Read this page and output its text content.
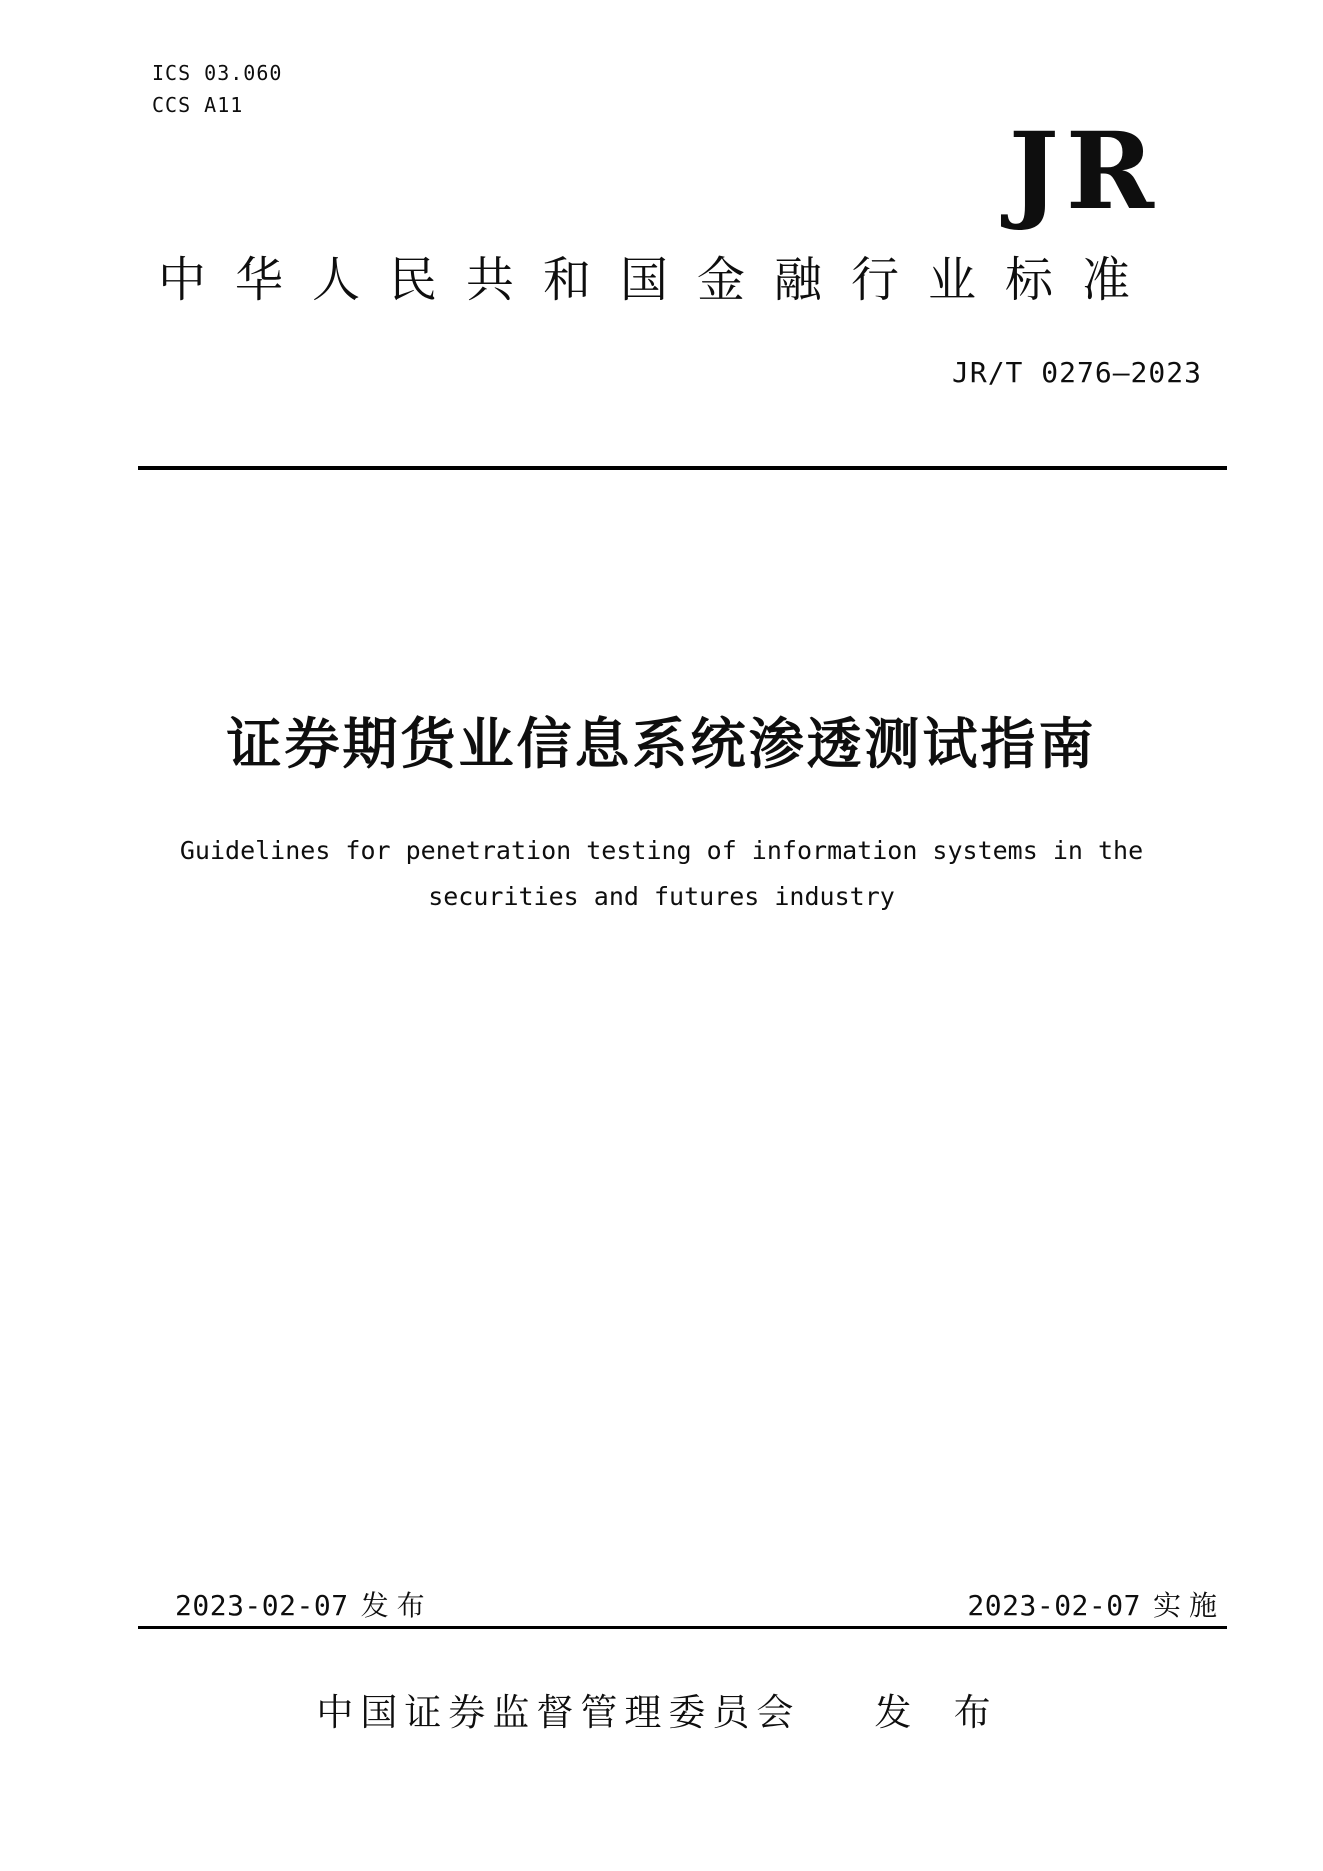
ICS 03.060
CCS A11
JR
中华人民共和国金融行业标准
JR/T 0276—2023
证券期货业信息系统渗透测试指南
Guidelines for penetration testing of information systems in the
securities and futures industry
2023-02-07 发布	2023-02-07 实施
中国证券监督管理委员会 发 布
